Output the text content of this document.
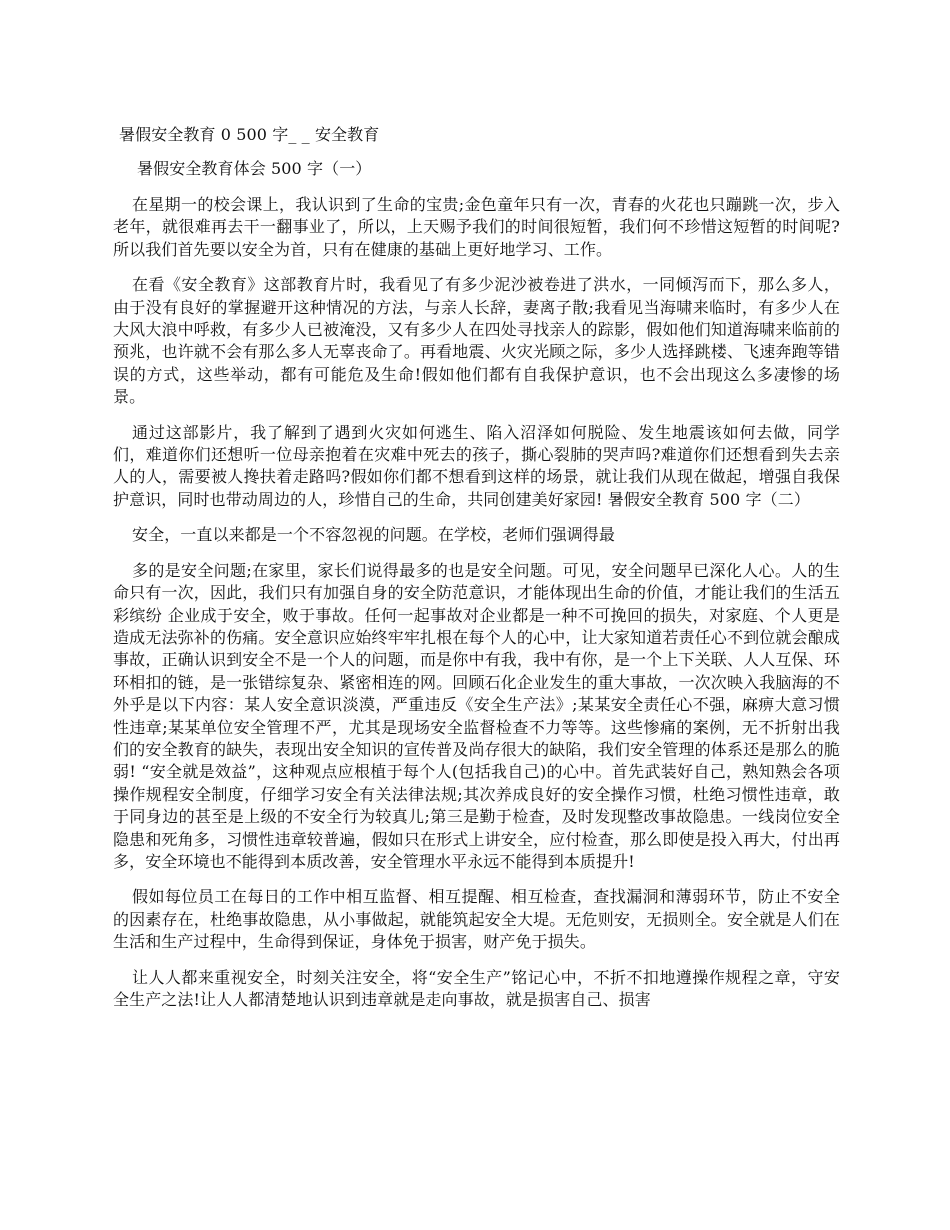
暑假安全教育 0 500 字_ _ 安全教育
暑假安全教育体会 500 字（一）

在星期一的校会课上，我认识到了生命的宝贵;金色童年只有一次，青春的火花也只蹦跳一次，步入老年，就很难再去干一翻事业了，所以，上天赐予我们的时间很短暂，我们何不珍惜这短暂的时间呢?所以我们首先要以安全为首，只有在健康的基础上更好地学习、工作。

在看《安全教育》这部教育片时，我看见了有多少泥沙被卷进了洪水，一同倾泻而下，那么多人，由于没有良好的掌握避开这种情况的方法，与亲人长辞，妻离子散;我看见当海啸来临时，有多少人在大风大浪中呼救，有多少人已被淹没，又有多少人在四处寻找亲人的踪影，假如他们知道海啸来临前的预兆，也许就不会有那么多人无辜丧命了。再看地震、火灾光顾之际，多少人选择跳楼、飞速奔跑等错误的方式，这些举动，都有可能危及生命!假如他们都有自我保护意识，也不会出现这么多凄惨的场景。

通过这部影片，我了解到了遇到火灾如何逃生、陷入沼泽如何脱险、发生地震该如何去做，同学们，难道你们还想听一位母亲抱着在灾难中死去的孩子，撕心裂肺的哭声吗?难道你们还想看到失去亲人的人，需要被人搀扶着走路吗?假如你们都不想看到这样的场景，就让我们从现在做起，增强自我保护意识，同时也带动周边的人，珍惜自己的生命，共同创建美好家园! 暑假安全教育 500 字（二）

安全，一直以来都是一个不容忽视的问题。在学校，老师们强调得最

多的是安全问题;在家里，家长们说得最多的也是安全问题。可见，安全问题早已深化人心。人的生命只有一次，因此，我们只有加强自身的安全防范意识，才能体现出生命的价值，才能让我们的生活五彩缤纷 企业成于安全，败于事故。任何一起事故对企业都是一种不可挽回的损失，对家庭、个人更是造成无法弥补的伤痛。安全意识应始终牢牢扎根在每个人的心中，让大家知道若责任心不到位就会酿成事故，正确认识到安全不是一个人的问题，而是你中有我，我中有你，是一个上下关联、人人互保、环环相扣的链，是一张错综复杂、紧密相连的网。回顾石化企业发生的重大事故，一次次映入我脑海的不外乎是以下内容：某人安全意识淡漠，严重违反《安全生产法》;某某安全责任心不强，麻痹大意习惯性违章;某某单位安全管理不严，尤其是现场安全监督检查不力等等。这些惨痛的案例，无不折射出我们的安全教育的缺失，表现出安全知识的宣传普及尚存很大的缺陷，我们安全管理的体系还是那么的脆弱! “安全就是效益”，这种观点应根植于每个人(包括我自己)的心中。首先武装好自己，熟知熟会各项操作规程安全制度，仔细学习安全有关法律法规;其次养成良好的安全操作习惯，杜绝习惯性违章，敢于同身边的甚至是上级的不安全行为较真儿;第三是勤于检查，及时发现整改事故隐患。一线岗位安全隐患和死角多，习惯性违章较普遍，假如只在形式上讲安全，应付检查，那么即使是投入再大，付出再多，安全环境也不能得到本质改善，安全管理水平永远不能得到本质提升!

假如每位员工在每日的工作中相互监督、相互提醒、相互检查，查找漏洞和薄弱环节，防止不安全的因素存在，杜绝事故隐患，从小事做起，就能筑起安全大堤。无危则安，无损则全。安全就是人们在生活和生产过程中，生命得到保证，身体免于损害，财产免于损失。

让人人都来重视安全，时刻关注安全，将“安全生产”铭记心中，不折不扣地遵操作规程之章，守安全生产之法!让人人都清楚地认识到违章就是走向事故，就是损害自己、损害
